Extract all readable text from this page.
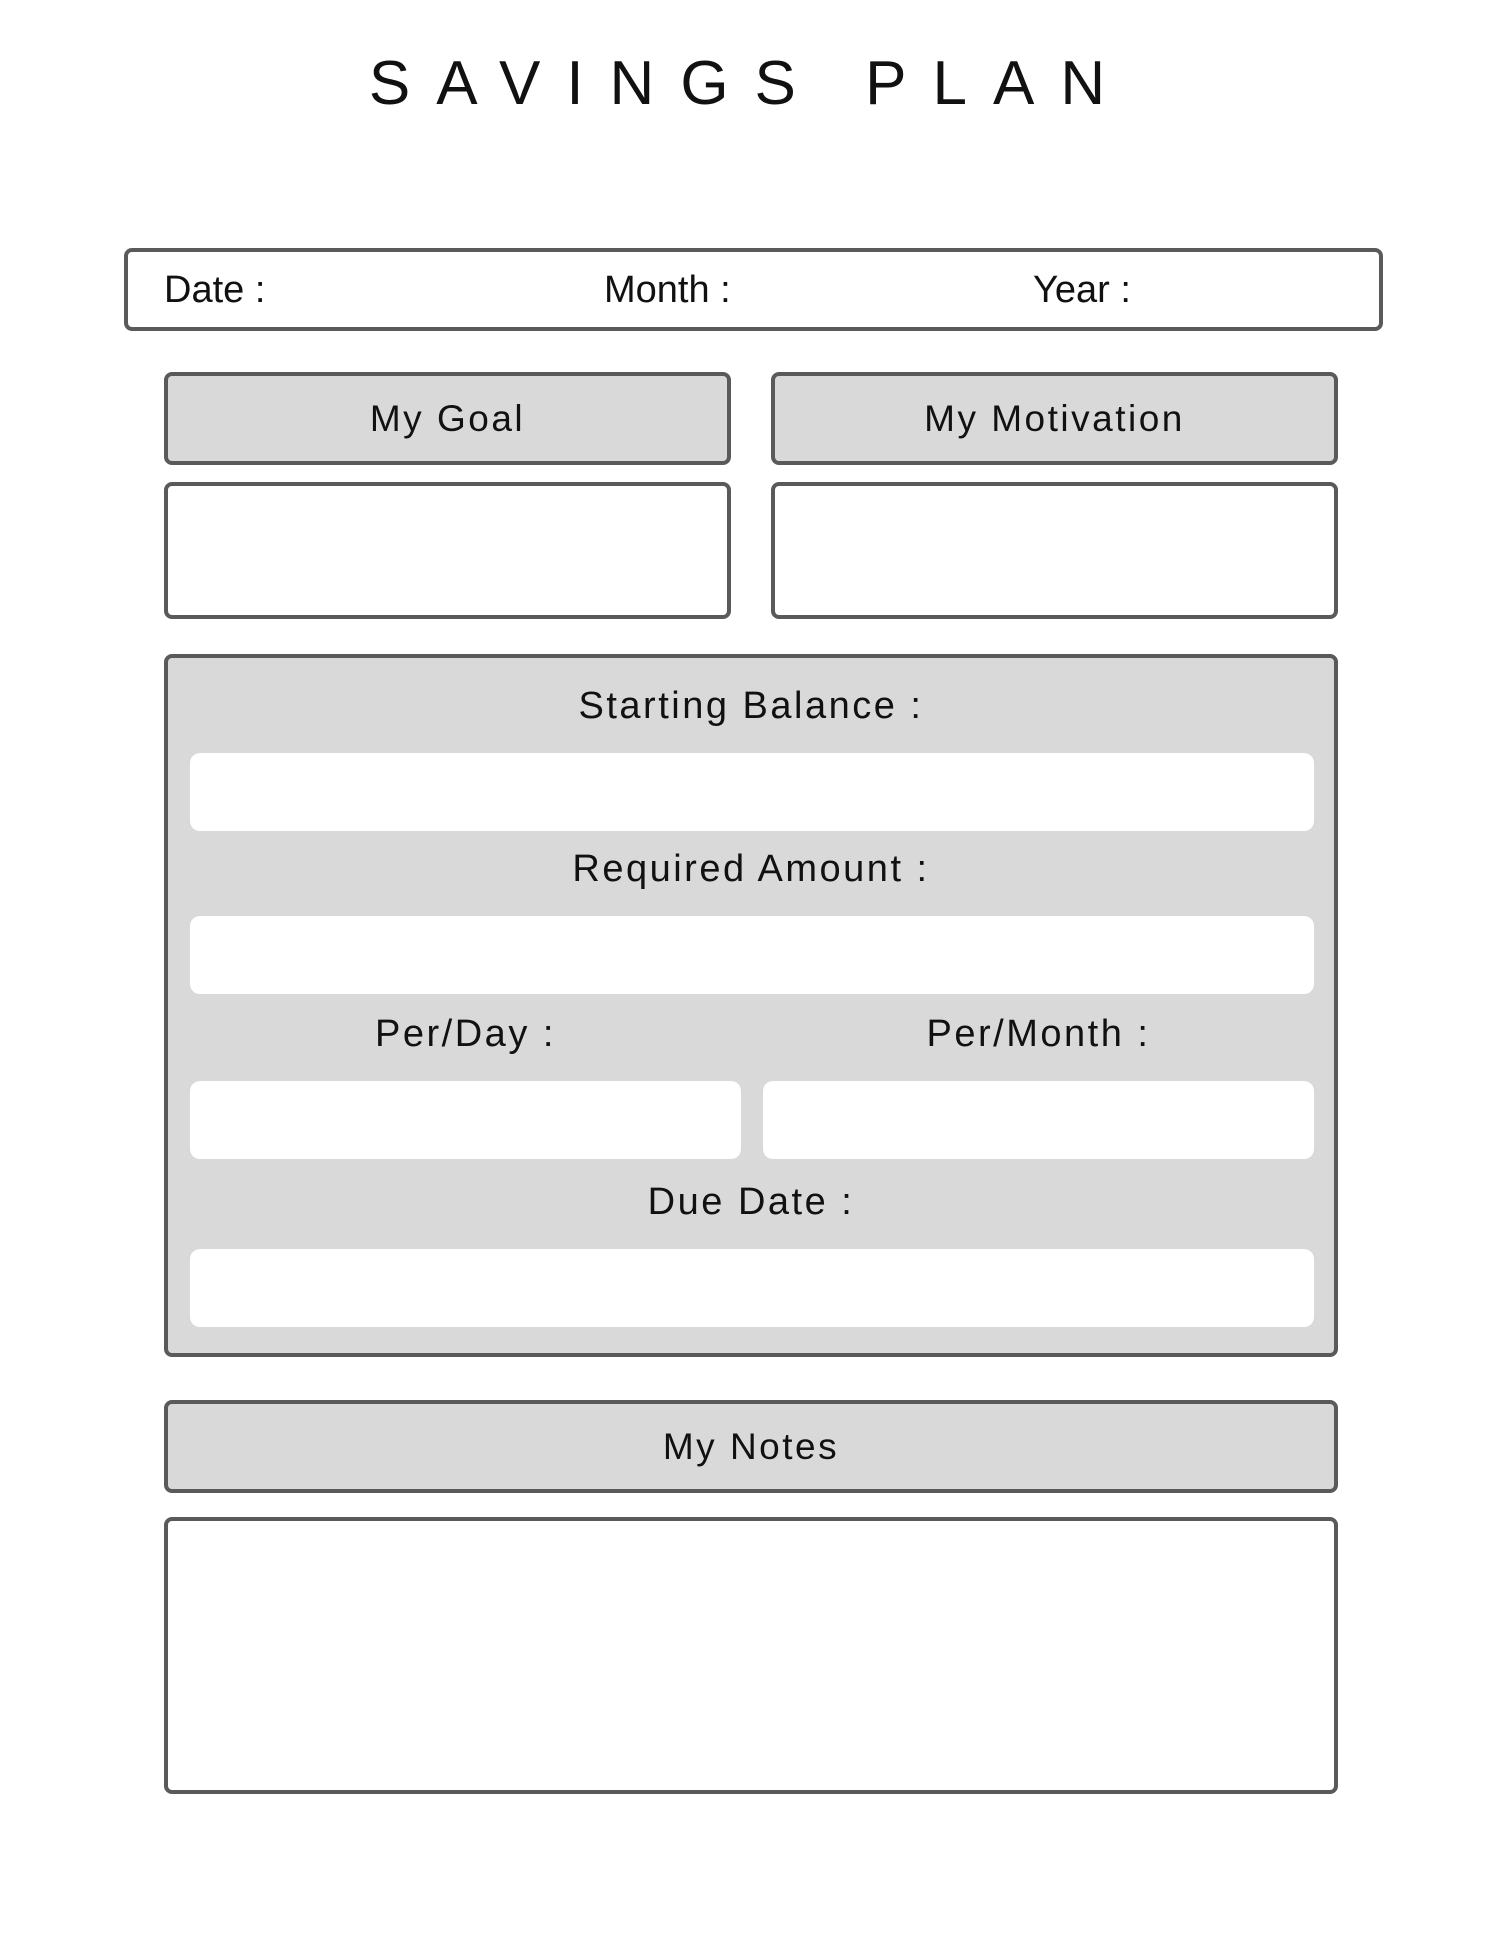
SAVINGS PLAN
Date :	Month :	Year :
My Goal	My Motivation
Starting Balance :
Required Amount :
Per/Day :	Per/Month :
Due Date :
My Notes
